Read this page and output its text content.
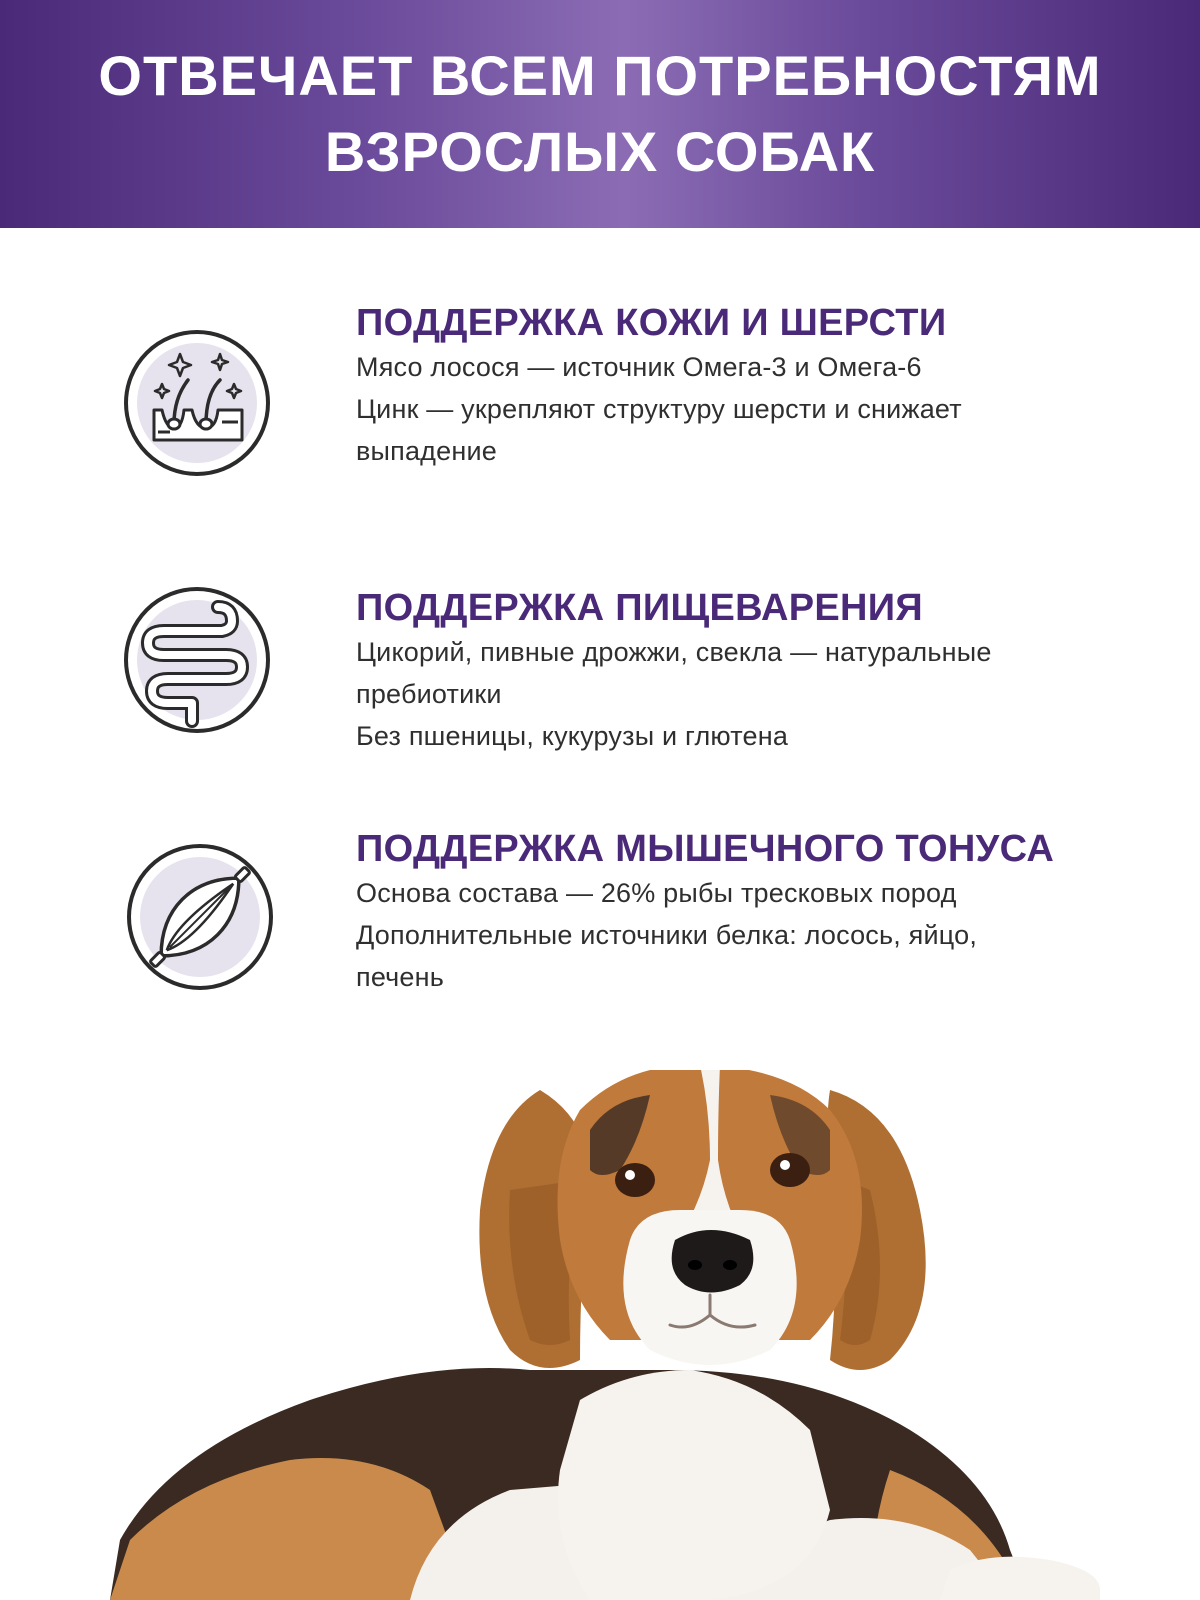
ОТВЕЧАЕТ ВСЕМ ПОТРЕБНОСТЯМ
ВЗРОСЛЫХ СОБАК
ПОДДЕРЖКА КОЖИ И ШЕРСТИ
Мясо лосося — источник Омега-3 и Омега-6
Цинк — укрепляют структуру шерсти и снижает
выпадение
ПОДДЕРЖКА ПИЩЕВАРЕНИЯ
Цикорий, пивные дрожжи, свекла — натуральные
пребиотики
Без пшеницы, кукурузы и глютена
ПОДДЕРЖКА МЫШЕЧНОГО ТОНУСА
Основа состава — 26% рыбы тресковых пород
Дополнительные источники белка: лосось, яйцо,
печень
